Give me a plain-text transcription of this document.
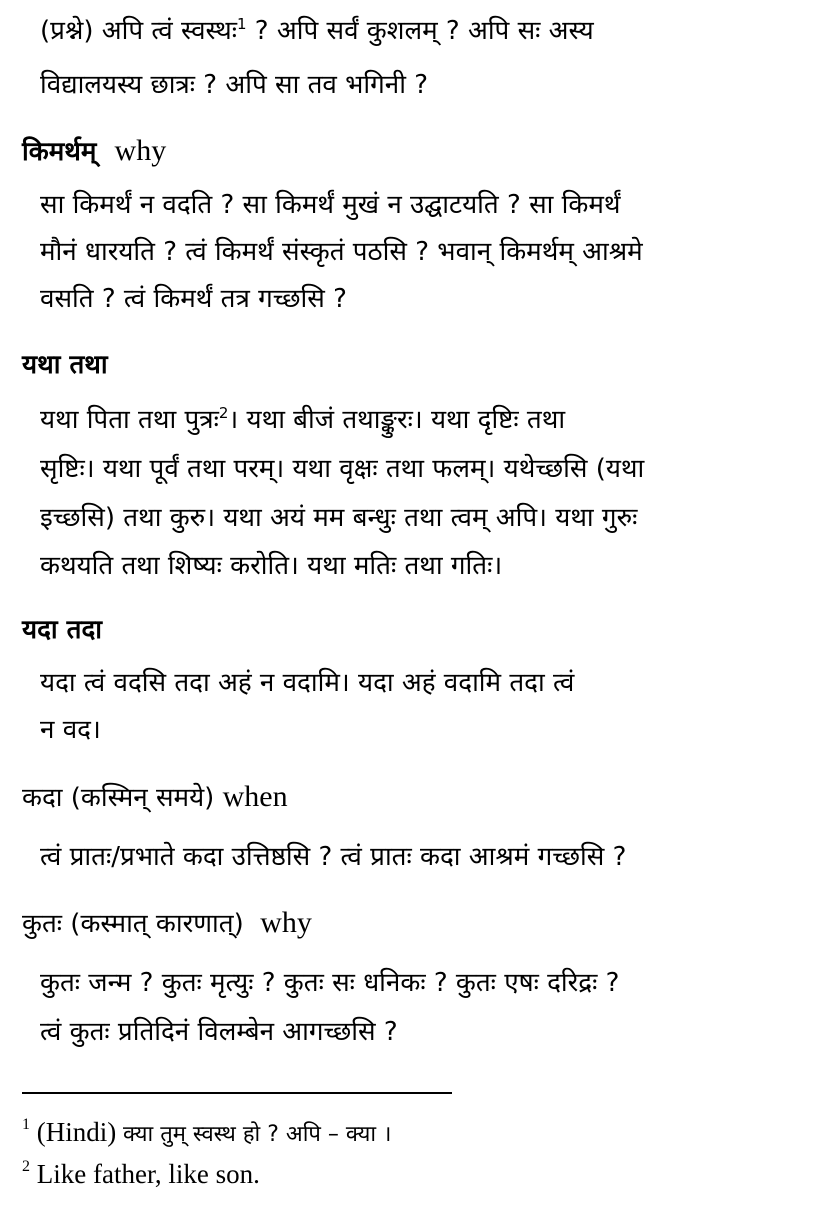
(प्रश्ने) अपि त्वं स्वस्थः$^1$ ? अपि सर्वं कुशलम् ? अपि सः अस्य
विद्यालयस्य छात्रः ? अपि सा तव भगिनी ?
किमर्थम् why
सा किमर्थं न वदति ? सा किमर्थं मुखं न उद्घाटयति ? सा किमर्थं
मौनं धारयति ? त्वं किमर्थं संस्कृतं पठसि ? भवान् किमर्थम् आश्रमे
वसति ? त्वं किमर्थं तत्र गच्छसि ?
यथा तथा
यथा पिता तथा पुत्रः$^2$। यथा बीजं तथाङ्कुरः। यथा दृष्टिः तथा
सृष्टिः। यथा पूर्वं तथा परम्। यथा वृक्षः तथा फलम्। यथेच्छसि (यथा
इच्छसि) तथा कुरु। यथा अयं मम बन्धुः तथा त्वम् अपि। यथा गुरुः
कथयति तथा शिष्यः करोति। यथा मतिः तथा गतिः।
यदा तदा
यदा त्वं वदसि तदा अहं न वदामि। यदा अहं वदामि तदा त्वं
न वद।
कदा (कस्मिन् समये) when
त्वं प्रातः/प्रभाते कदा उत्तिष्ठसि ? त्वं प्रातः कदा आश्रमं गच्छसि ?
कुतः (कस्मात् कारणात्) why
कुतः जन्म ? कुतः मृत्युः ? कुतः सः धनिकः ? कुतः एषः दरिद्रः ?
त्वं कुतः प्रतिदिनं विलम्बेन आगच्छसि ?
$^1$ (Hindi) क्या तुम् स्वस्थ हो ? अपि – क्या ।
$^2$ Like father, like son.
